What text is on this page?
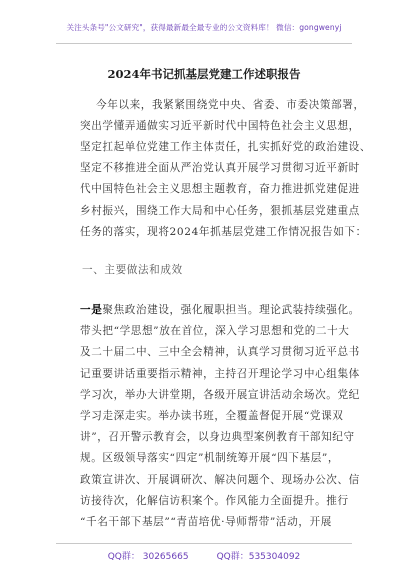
关注头条号"公文研究"，获得最新最全最专业的公文资料库！ 微信：gongwenyj
2024年书记抓基层党建工作述职报告
今年以来，我紧紧围绕党中央、省委、市委决策部署，
突出学懂弄通做实习近平新时代中国特色社会主义思想，
坚定扛起单位党建工作主体责任，扎实抓好党的政治建设、
坚定不移推进全面从严治党认真开展学习贯彻习近平新时
代中国特色社会主义思想主题教育，奋力推进抓党建促进
乡村振兴，围绕工作大局和中心任务，狠抓基层党建重点
任务的落实，现将2024年抓基层党建工作情况报告如下：
一、主要做法和成效
一是聚焦政治建设，强化履职担当。理论武装持续强化。
带头把“学思想”放在首位，深入学习思想和党的二十大
及二十届二中、三中全会精神，认真学习贯彻习近平总书
记重要讲话重要指示精神，主持召开理论学习中心组集体
学习次，举办大讲堂期，各级开展宣讲活动余场次。党纪
学习走深走实。举办读书班，全覆盖督促开展“党课双
讲”，召开警示教育会，以身边典型案例教育干部知纪守
规。区级领导落实“四定”机制统筹开展“四下基层”，
政策宣讲次、开展调研次、解决问题个、现场办公次、信
访接待次，化解信访积案个。作风能力全面提升。推行
“千名干部下基层”“青苗培优·导师帮带”活动，开展
QQ群： 30265665	QQ群：535304092
